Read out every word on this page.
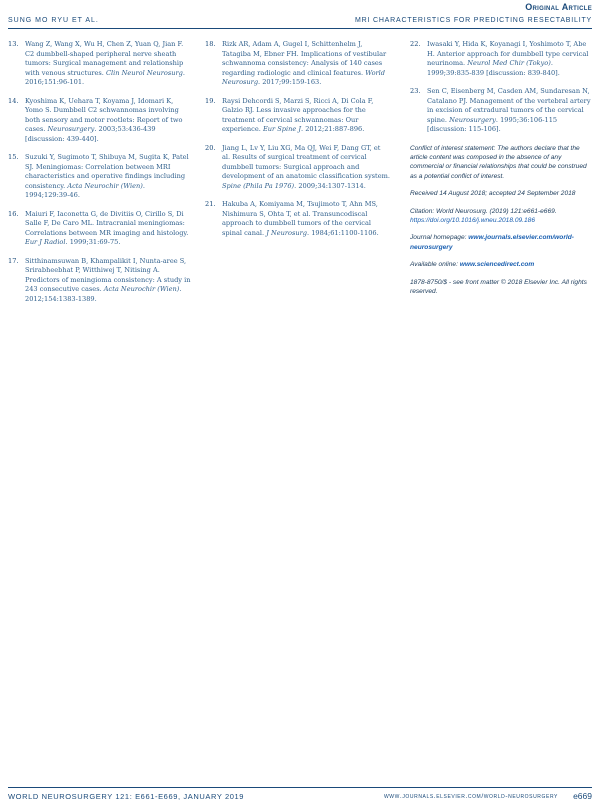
Original Article
SUNG MO RYU ET AL.	MRI CHARACTERISTICS FOR PREDICTING RESECTABILITY
13. Wang Z, Wang X, Wu H, Chen Z, Yuan Q, Jian F. C2 dumbbell-shaped peripheral nerve sheath tumors: Surgical management and relationship with venous structures. Clin Neurol Neurosurg. 2016;151:96-101.
14. Kyoshima K, Uehara T, Koyama J, Idomari K, Yomo S. Dumbbell C2 schwannomas involving both sensory and motor rootlets: Report of two cases. Neurosurgery. 2003;53:436-439 [discussion: 439-440].
15. Suzuki Y, Sugimoto T, Shibuya M, Sugita K, Patel SJ. Meningiomas: Correlation between MRI characteristics and operative findings including consistency. Acta Neurochir (Wien). 1994;129:39-46.
16. Maiuri F, Iaconetta G, de Divitiis O, Cirillo S, Di Salle F, De Caro ML. Intracranial meningiomas: Correlations between MR imaging and histology. Eur J Radiol. 1999;31:69-75.
17. Sitthinamsuwan B, Khampalikit I, Nunta-aree S, Srirabheebhat P, Witthiwej T, Nitising A. Predictors of meningioma consistency: A study in 243 consecutive cases. Acta Neurochir (Wien). 2012;154:1383-1389.
18. Rizk AR, Adam A, Gugel I, Schittenhelm J, Tatagiba M, Ebner FH. Implications of vestibular schwannoma consistency: Analysis of 140 cases regarding radiologic and clinical features. World Neurosurg. 2017;99:159-163.
19. Raysi Dehcordi S, Marzi S, Ricci A, Di Cola F, Galzio RJ. Less invasive approaches for the treatment of cervical schwannomas: Our experience. Eur Spine J. 2012;21:887-896.
20. Jiang L, Lv Y, Liu XG, Ma QJ, Wei F, Dang GT, et al. Results of surgical treatment of cervical dumbbell tumors: Surgical approach and development of an anatomic classification system. Spine (Phila Pa 1976). 2009;34:1307-1314.
21. Hakuba A, Komiyama M, Tsujimoto T, Ahn MS, Nishimura S, Ohta T, et al. Transuncodiscal approach to dumbbell tumors of the cervical spinal canal. J Neurosurg. 1984;61:1100-1106.
22. Iwasaki Y, Hida K, Koyanagi I, Yoshimoto T, Abe H. Anterior approach for dumbbell type cervical neurinoma. Neurol Med Chir (Tokyo). 1999;39:835-839 [discussion: 839-840].
23. Sen C, Eisenberg M, Casden AM, Sundaresan N, Catalano PJ. Management of the vertebral artery in excision of extradural tumors of the cervical spine. Neurosurgery. 1995;36:106-115 [discussion: 115-106].

Conflict of interest statement: The authors declare that the article content was composed in the absence of any commercial or financial relationships that could be construed as a potential conflict of interest.

Received 14 August 2018; accepted 24 September 2018

Citation: World Neurosurg. (2019) 121:e661-e669.
https://doi.org/10.1016/j.wneu.2018.09.186

Journal homepage: www.journals.elsevier.com/world-neurosurgery

Available online: www.sciencedirect.com

1878-8750/$ - see front matter © 2018 Elsevier Inc. All rights reserved.

WORLD NEUROSURGERY 121: E661-E669, JANUARY 2019	www.journals.elsevier.com/world-neurosurgery e669
